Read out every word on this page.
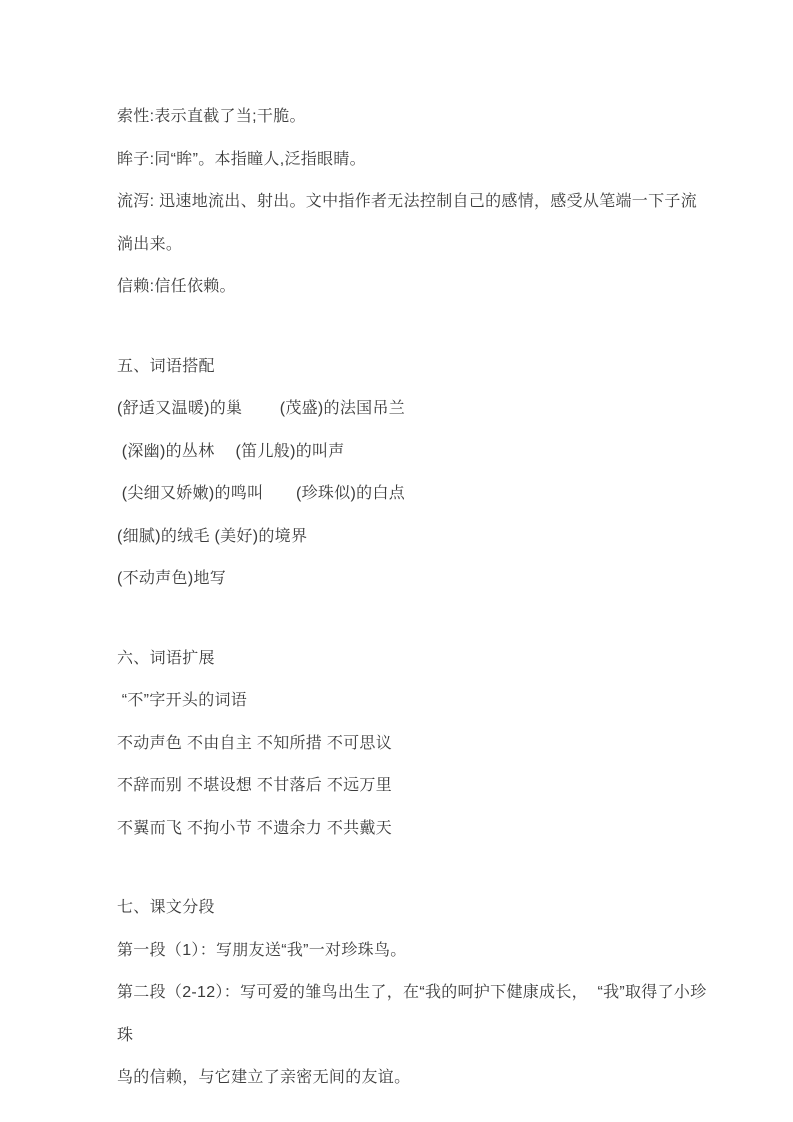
索性:表示直截了当;干脆。
眸子:同“眸”。本指瞳人,泛指眼睛。
流泻: 迅速地流出、射出。文中指作者无法控制自己的感情，感受从笔端一下子流淌出来。
信赖:信任依赖。
五、词语搭配
(舒适又温暖)的巢　　 (茂盛)的法国吊兰
(深幽)的丛林　 (笛儿般)的叫声
(尖细又娇嫩)的鸣叫　　(珍珠似)的白点
(细腻)的绒毛 (美好)的境界
(不动声色)地写
六、词语扩展
“不”字开头的词语
不动声色 不由自主 不知所措 不可思议
不辞而别 不堪设想 不甘落后 不远万里
不翼而飞 不拘小节 不遗余力 不共戴天
七、课文分段
第一段（1）：写朋友送“我”一对珍珠鸟。
第二段（2-12）：写可爱的雏鸟出生了，在“我的呵护下健康成长，  “我”取得了小珍珠
鸟的信赖，与它建立了亲密无间的友谊。
